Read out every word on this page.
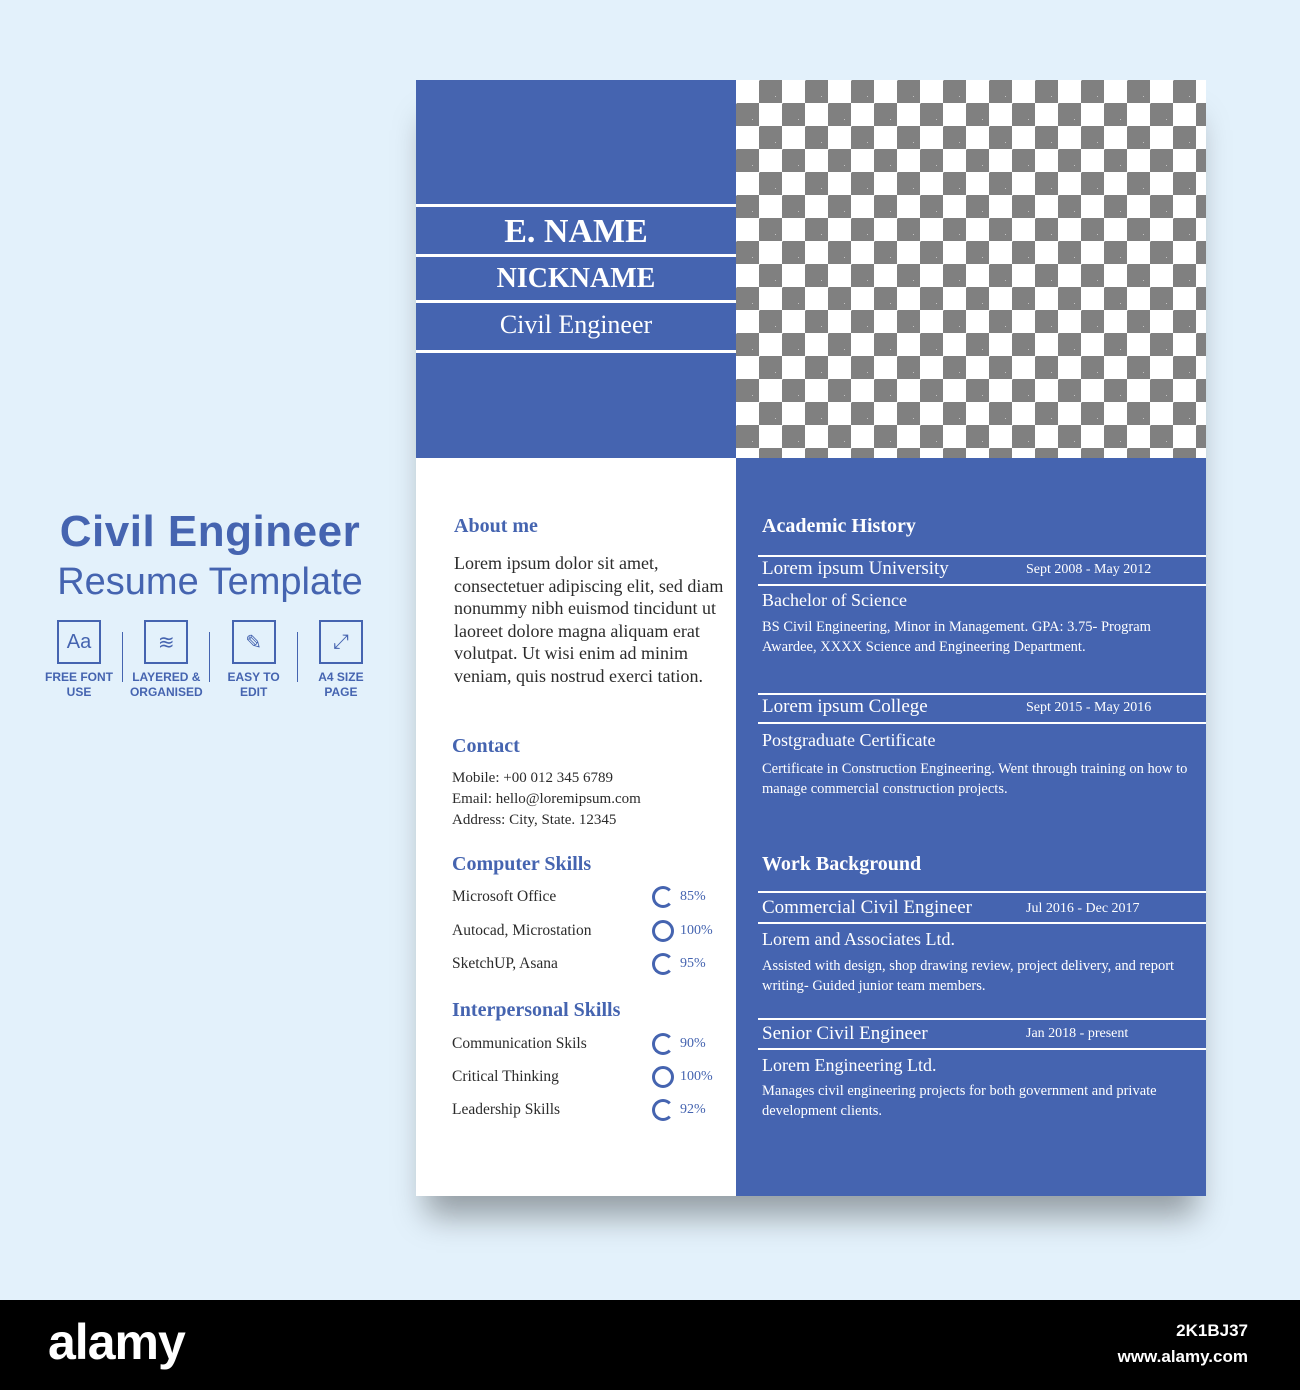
Civil Engineer
Resume Template
Aa
FREE FONT
USE
≋
LAYERED &
ORGANISED
✎
EASY TO
EDIT
⤢
A4 SIZE
PAGE
E. NAME
NICKNAME
Civil Engineer
About me
Lorem ipsum dolor sit amet, consectetuer adipiscing elit, sed diam nonummy nibh euismod tincidunt ut laoreet dolore magna aliquam erat volutpat. Ut wisi enim ad minim veniam, quis nostrud exerci tation.
Contact
Mobile: +00 012 345 6789
Email: hello@loremipsum.com
Address: City, State. 12345
Computer Skills
Microsoft Office	85%
Autocad, Microstation	100%
SketchUP, Asana	95%
Interpersonal Skills
Communication Skils	90%
Critical Thinking	100%
Leadership Skills	92%
Academic History
Lorem ipsum University	Sept 2008 - May 2012
Bachelor of Science
BS Civil Engineering, Minor in Management. GPA: 3.75- Program Awardee, XXXX Science and Engineering Department.
Lorem ipsum College	Sept 2015 - May 2016
Postgraduate Certificate
Certificate in Construction Engineering. Went through training on how to manage commercial construction projects.
Work Background
Commercial Civil Engineer	Jul 2016 - Dec 2017
Lorem and Associates Ltd.
Assisted with design, shop drawing review, project delivery, and report writing- Guided junior team members.
Senior Civil Engineer	Jan 2018 - present
Lorem Engineering Ltd.
Manages civil engineering projects for both government and private development clients.
alamy	2K1BJ37
www.alamy.com
